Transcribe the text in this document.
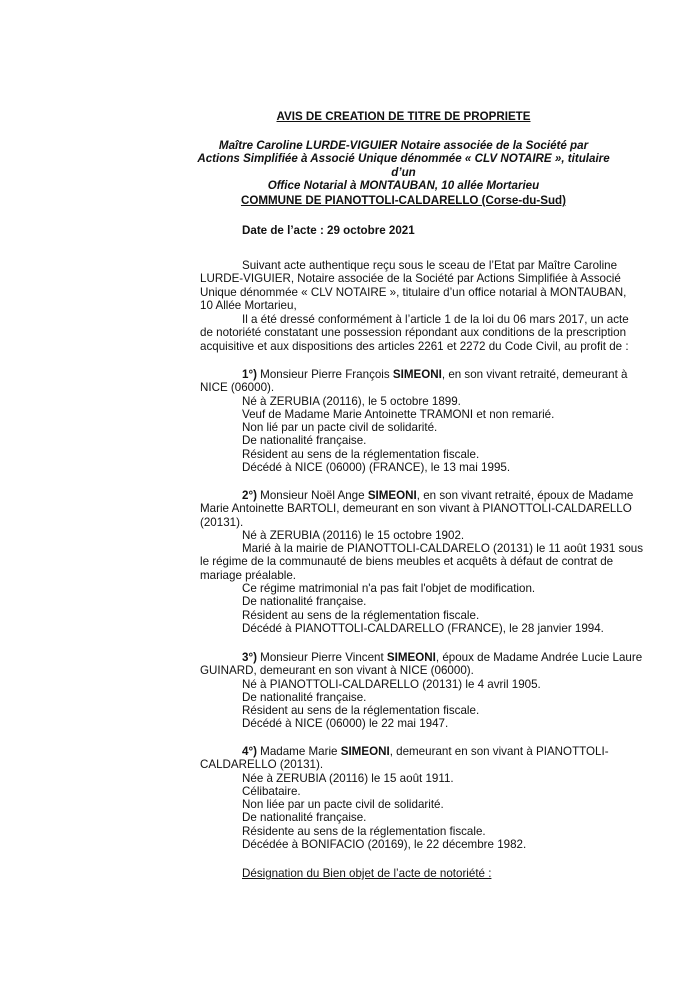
AVIS DE CREATION DE TITRE DE PROPRIETE
Maître Caroline LURDE-VIGUIER Notaire associée de la Société par
Actions Simplifiée à Associé Unique dénommée « CLV NOTAIRE », titulaire d’un
Office Notarial à MONTAUBAN, 10 allée Mortarieu
COMMUNE DE PIANOTTOLI-CALDARELLO (Corse-du-Sud)
Date de l’acte : 29 octobre 2021
Suivant acte authentique reçu sous le sceau de l’Etat par Maître Caroline
LURDE-VIGUIER, Notaire associée de la Société par Actions Simplifiée à Associé
Unique dénommée « CLV NOTAIRE », titulaire d’un office notarial à MONTAUBAN,
10 Allée Mortarieu,
Il a été dressé conformément à l’article 1 de la loi du 06 mars 2017, un acte
de notoriété constatant une possession répondant aux conditions de la prescription
acquisitive et aux dispositions des articles 2261 et 2272 du Code Civil, au profit de :
1°) Monsieur Pierre François SIMEONI, en son vivant retraité, demeurant à
NICE (06000).
Né à ZERUBIA (20116), le 5 octobre 1899.
Veuf de Madame Marie Antoinette TRAMONI et non remarié.
Non lié par un pacte civil de solidarité.
De nationalité française.
Résident au sens de la réglementation fiscale.
Décédé à NICE (06000) (FRANCE), le 13 mai 1995.
2°) Monsieur Noël Ange SIMEONI, en son vivant retraité, époux de Madame
Marie Antoinette BARTOLI, demeurant en son vivant à PIANOTTOLI-CALDARELLO
(20131).
Né à ZERUBIA (20116) le 15 octobre 1902.
Marié à la mairie de PIANOTTOLI-CALDARELO (20131) le 11 août 1931 sous
le régime de la communauté de biens meubles et acquêts à défaut de contrat de
mariage préalable.
Ce régime matrimonial n'a pas fait l'objet de modification.
De nationalité française.
Résident au sens de la réglementation fiscale.
Décédé à PIANOTTOLI-CALDARELLO (FRANCE), le 28 janvier 1994.
3°) Monsieur Pierre Vincent SIMEONI, époux de Madame Andrée Lucie Laure
GUINARD, demeurant en son vivant à NICE (06000).
Né à PIANOTTOLI-CALDARELLO (20131) le 4 avril 1905.
De nationalité française.
Résident au sens de la réglementation fiscale.
Décédé à NICE (06000) le 22 mai 1947.
4°) Madame Marie SIMEONI, demeurant en son vivant à PIANOTTOLI-
CALDARELLO (20131).
Née à ZERUBIA (20116) le 15 août 1911.
Célibataire.
Non liée par un pacte civil de solidarité.
De nationalité française.
Résidente au sens de la réglementation fiscale.
Décédée à BONIFACIO (20169), le 22 décembre 1982.
Désignation du Bien objet de l’acte de notoriété :
